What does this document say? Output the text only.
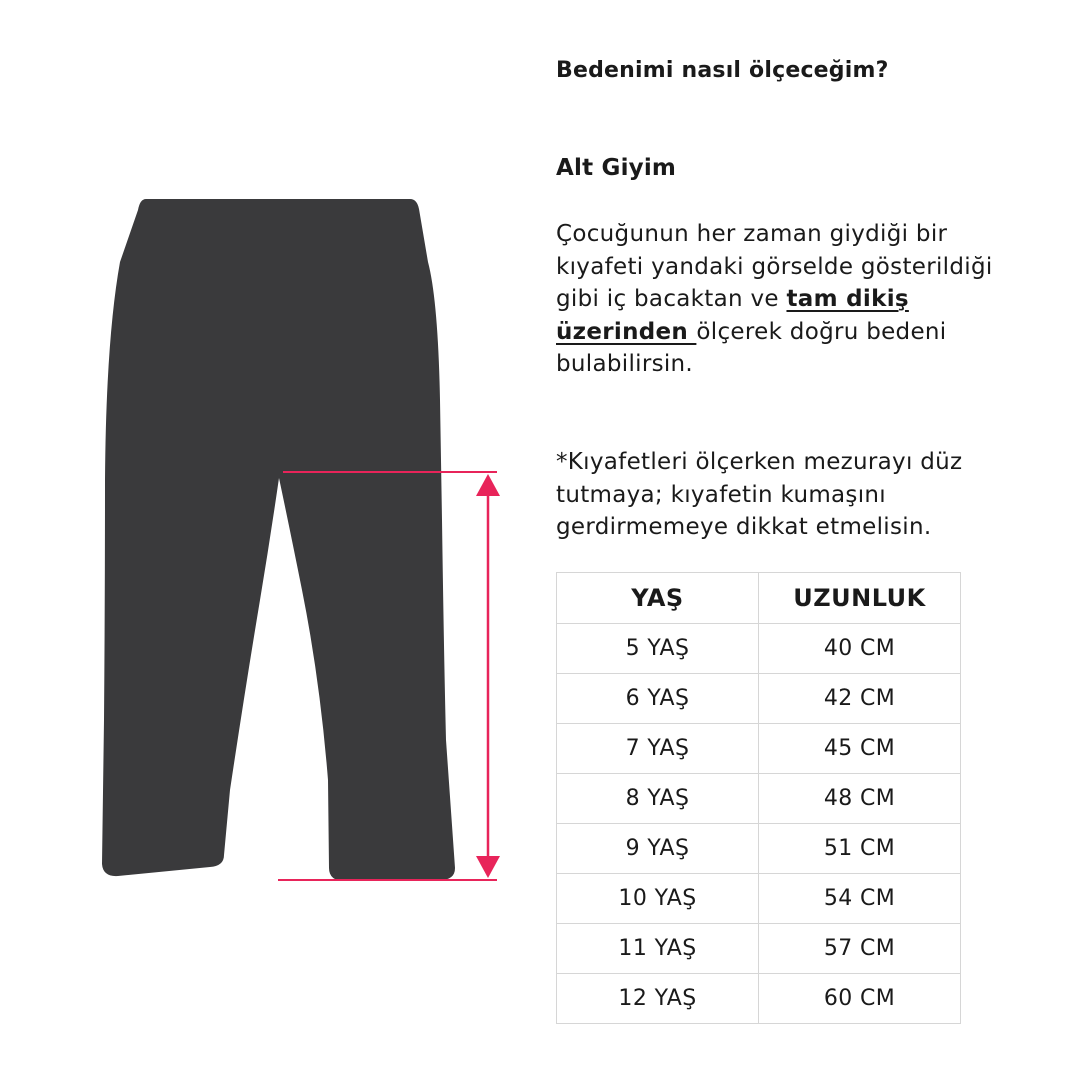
Bedenimi nasıl ölçeceğim?
Alt Giyim

Çocuğunun her zaman giydiği bir kıyafeti yandaki görselde gösterildiği gibi iç bacaktan ve tam dikiş üzerinden ölçerek doğru bedeni bulabilirsin.

*Kıyafetleri ölçerken mezurayı düz tutmaya; kıyafetin kumaşını gerdirmemeye dikkat etmelisin.

YAŞ	UZUNLUK
5 YAŞ	40 CM
6 YAŞ	42 CM
7 YAŞ	45 CM
8 YAŞ	48 CM
9 YAŞ	51 CM
10 YAŞ	54 CM
11 YAŞ	57 CM
12 YAŞ	60 CM
